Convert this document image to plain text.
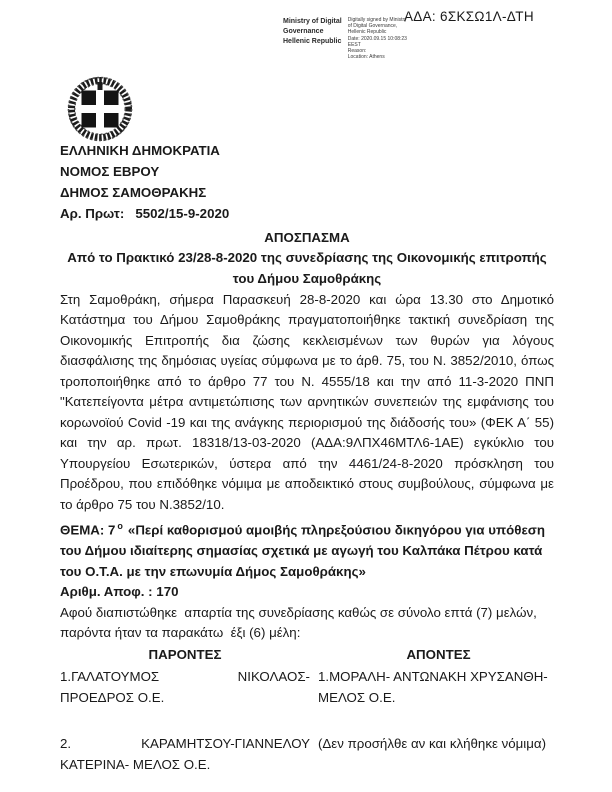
ΑΔΑ: 6ΣΚΣΩ1Λ-ΔΤΗ
Ministry of Digital
Governance
Hellenic Republic
Digitally signed by Ministry
of Digital Governance,
Hellenic Republic
Date: 2020.09.15 10:08:23
EEST
Reason:
Location: Athens
ΕΛΛΗΝΙΚΗ ΔΗΜΟΚΡΑΤΙΑ
ΝΟΜΟΣ ΕΒΡΟΥ
ΔΗΜΟΣ ΣΑΜΟΘΡΑΚΗΣ
Αρ. Πρωτ:   5502/15-9-2020
ΑΠΟΣΠΑΣΜΑ
Από το Πρακτικό 23/28-8-2020 της συνεδρίασης της Οικονομικής επιτροπής του Δήμου Σαμοθράκης
Στη Σαμοθράκη, σήμερα Παρασκευή 28-8-2020 και ώρα 13.30 στο Δημοτικό Κατάστημα του Δήμου Σαμοθράκης πραγματοποιήθηκε τακτική συνεδρίαση της Οικονομικής Επιτροπής δια ζώσης κεκλεισμένων των θυρών για λόγους διασφάλισης της δημόσιας υγείας σύμφωνα με το άρθ. 75, του Ν. 3852/2010, όπως τροποποιήθηκε από το άρθρο 77 του Ν. 4555/18 και την από 11-3-2020 ΠΝΠ "Κατεπείγοντα μέτρα αντιμετώπισης των αρνητικών συνεπειών της εμφάνισης του κορωνοϊού Covid -19 και της ανάγκης περιορισμού της διάδοσής του» (ΦΕΚ Α΄ 55) και την αρ. πρωτ. 18318/13-03-2020 (ΑΔΑ:9ΛΠΧ46ΜΤΛ6-1ΑΕ) εγκύκλιο του Υπουργείου Εσωτερικών, ύστερα από την 4461/24-8-2020 πρόσκληση του Προέδρου, που επιδόθηκε νόμιμα με αποδεικτικό στους συμβούλους, σύμφωνα με το άρθρο 75 του Ν.3852/10.
ΘΕΜΑ: 7 $^o$ «Περί καθορισμού αμοιβής πληρεξούσιου δικηγόρου για υπόθεση του Δήμου ιδιαίτερης σημασίας σχετικά με αγωγή του Καλπάκα Πέτρου κατά του Ο.Τ.Α. με την επωνυμία Δήμος Σαμοθράκης»
Αριθμ. Αποφ. : 170
Αφού διαπιστώθηκε  απαρτία της συνεδρίασης καθώς σε σύνολο επτά (7) μελών, παρόντα ήταν τα παρακάτω  έξι (6) μέλη:
ΠΑΡΟΝΤΕΣ	ΑΠΟΝΤΕΣ
1.ΓΑΛΑΤΟΥΜΟΣ ΝΙΚΟΛΑΟΣ- ΠΡΟΕΔΡΟΣ Ο.Ε.
1.ΜΟΡΑΛΗ- ΑΝΤΩΝΑΚΗ ΧΡΥΣΑΝΘΗ- ΜΕΛΟΣ Ο.Ε.
2. ΚΑΡΑΜΗΤΣΟΥ-ΓΙΑΝΝΕΛΟΥ ΚΑΤΕΡΙΝΑ- ΜΕΛΟΣ Ο.Ε.
(Δεν προσήλθε αν και κλήθηκε νόμιμα)
